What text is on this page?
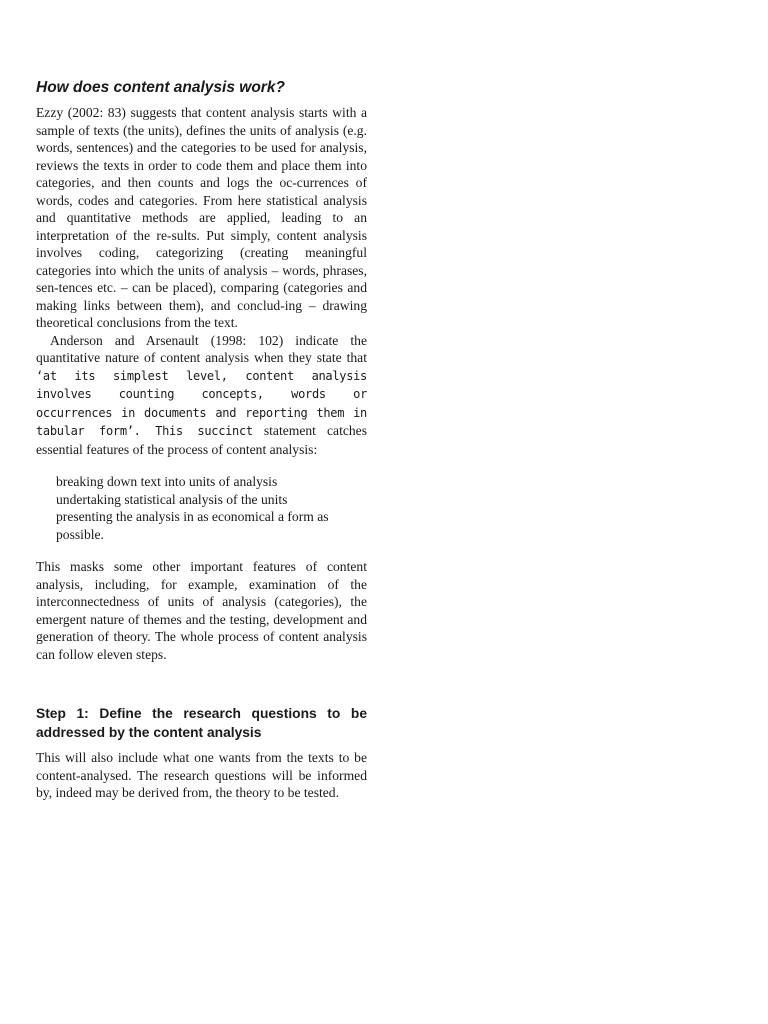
How does content analysis work?

Ezzy (2002: 83) suggests that content analysis starts with a sample of texts (the units), defines the units of analysis (e.g. words, sentences) and the categories to be used for analysis, reviews the texts in order to code them and place them into categories, and then counts and logs the oc-currences of words, codes and categories. From here statistical analysis and quantitative methods are applied, leading to an interpretation of the re-sults. Put simply, content analysis involves coding, categorizing (creating meaningful categories into which the units of analysis – words, phrases, sen-tences etc. – can be placed), comparing (categories and making links between them), and conclud-ing – drawing theoretical conclusions from the text.

Anderson and Arsenault (1998: 102) indicate the quantitative nature of content analysis when they state that ‘at its simplest level, content analysis involves counting concepts, words or occurrences in documents and reporting them in tabular form’. This succinct statement catches essential features of the process of content analysis:

breaking down text into units of analysis
undertaking statistical analysis of the units
presenting the analysis in as economical a form as possible.

This masks some other important features of content analysis, including, for example, examination of the interconnectedness of units of analysis (categories), the emergent nature of themes and the testing, development and generation of theory. The whole process of content analysis can follow eleven steps.

Step 1: Define the research questions to be addressed by the content analysis

This will also include what one wants from the texts to be content-analysed. The research questions will be informed by, indeed may be derived from, the theory to be tested.
